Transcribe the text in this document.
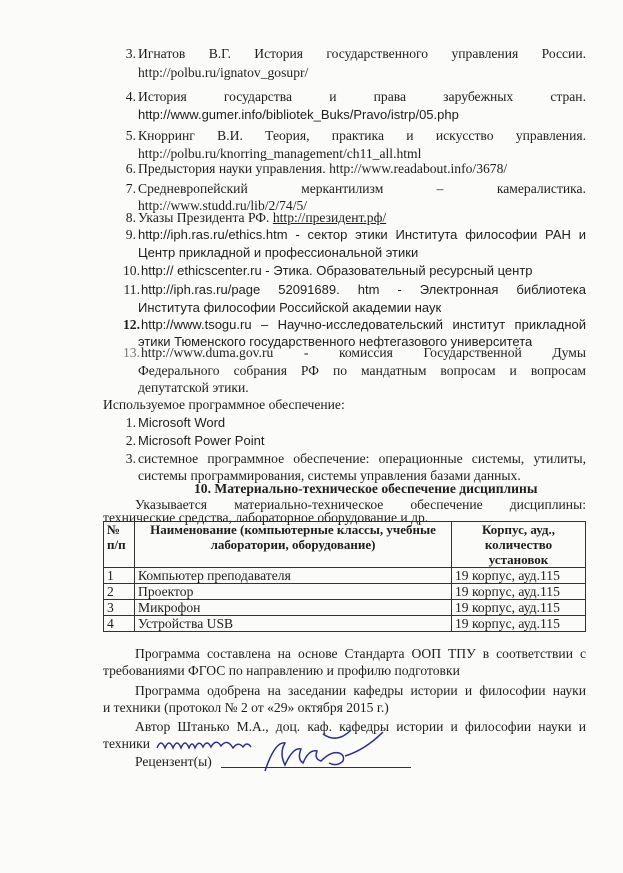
3. Игнатов В.Г. История государственного управления России.
http://polbu.ru/ignatov_gosupr/
4. История государства и права зарубежных стран.
http://www.gumer.info/bibliotek_Buks/Pravo/istrp/05.php
5. Кнорринг В.И. Теория, практика и искусство управления.
http://polbu.ru/knorring_management/ch11_all.html
6. Предыстория науки управления. http://www.readabout.info/3678/
7. Средневропейский меркантилизм – камералистика.
http://www.studd.ru/lib/2/74/5/
8. Указы Президента РФ. http://президент.рф/
9. http://iph.ras.ru/ethics.htm - сектор этики Института философии РАН и
Центр прикладной и профессиональной этики
10. http:// ethicscenter.ru - Этика. Образовательный ресурсный центр
11. http://iph.ras.ru/page 52091689. htm - Электронная библиотека
Института философии Российской академии наук
12. http://www.tsogu.ru – Научно-исследовательский институт прикладной
этики Тюменского государственного нефтегазового университета
13. http://www.duma.gov.ru - комиссия Государственной Думы
Федерального собрания РФ по мандатным вопросам и вопросам
депутатской этики.
Используемое программное обеспечение:
1. Microsoft Word
2. Microsoft Power Point
3. системное программное обеспечение: операционные системы, утилиты,
системы программирования, системы управления базами данных.
10. Материально-техническое обеспечение дисциплины
Указывается материально-техническое обеспечение дисциплины:
технические средства, лабораторное оборудование и др.
№ п/п	Наименование (компьютерные классы, учебные лаборатории, оборудование)	Корпус, ауд., количество установок
1	Компьютер преподавателя	19 корпус, ауд.115
2	Проектор	19 корпус, ауд.115
3	Микрофон	19 корпус, ауд.115
4	Устройства USB	19 корпус, ауд.115
Программа составлена на основе Стандарта ООП ТПУ в соответствии с
требованиями ФГОС по направлению и профилю подготовки
Программа одобрена на заседании кафедры истории и философии науки
и техники (протокол № 2 от «29» октября 2015 г.)
Автор Штанько М.А., доц. каф. кафедры истории и философии науки и
техники
Рецензент(ы)
